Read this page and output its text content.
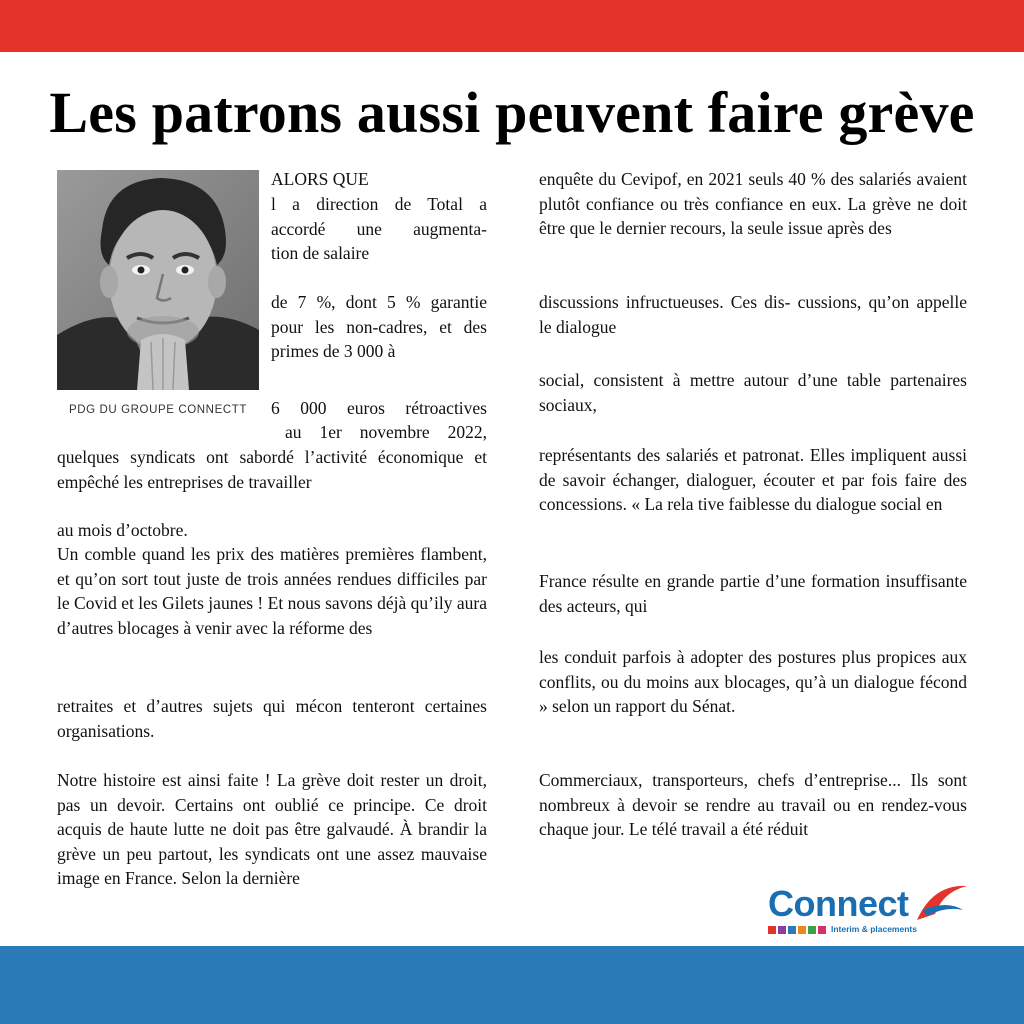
Les patrons aussi peuvent faire grève
PDG DU GROUPE CONNECTT

ALORS QUE

l a direction de Total a

accordé une augmenta-

tion de salaire

de 7 %, dont 5 % garantie pour les non-cadres, et des primes de 3 000 à

6 000 euros rétroactives

au 1er novembre 2022,

quelques syndicats ont sabordé l’activité économique et empêché les entreprises de travailler

au mois d’octobre.

Un comble quand les prix des matières premières flambent, et qu’on sort tout juste de trois années rendues difficiles par le Covid et les Gilets jaunes ! Et nous savons déjà qu’ily aura d’autres blocages à venir avec la réforme des

retraites et d’autres sujets qui mécon tenteront certaines organisations.

Notre histoire est ainsi faite ! La grève doit rester un droit, pas un devoir. Certains ont oublié ce principe. Ce droit acquis de haute lutte ne doit pas être galvaudé. À brandir la grève un peu partout, les syndicats ont une assez mauvaise image en France. Selon la dernière

enquête du Cevipof, en 2021 seuls 40 % des salariés avaient plutôt confiance ou très confiance en eux. La grève ne doit être que le dernier recours, la seule issue après des

discussions infructueuses. Ces dis- cussions, qu’on appelle le dialogue

social, consistent à mettre autour d’une table partenaires sociaux,

représentants des salariés et patronat. Elles impliquent aussi de savoir échanger, dialoguer, écouter et par fois faire des concessions. « La rela tive faiblesse du dialogue social en

France résulte en grande partie d’une formation insuffisante des acteurs, qui

les conduit parfois à adopter des postures plus propices aux conflits, ou du moins aux blocages, qu’à un dialogue fécond » selon un rapport du Sénat.

Commerciaux, transporteurs, chefs d’entreprise... Ils sont nombreux à devoir se rendre au travail ou en rendez-vous chaque jour. Le télé travail a été réduit

Connect
Interim & placements
